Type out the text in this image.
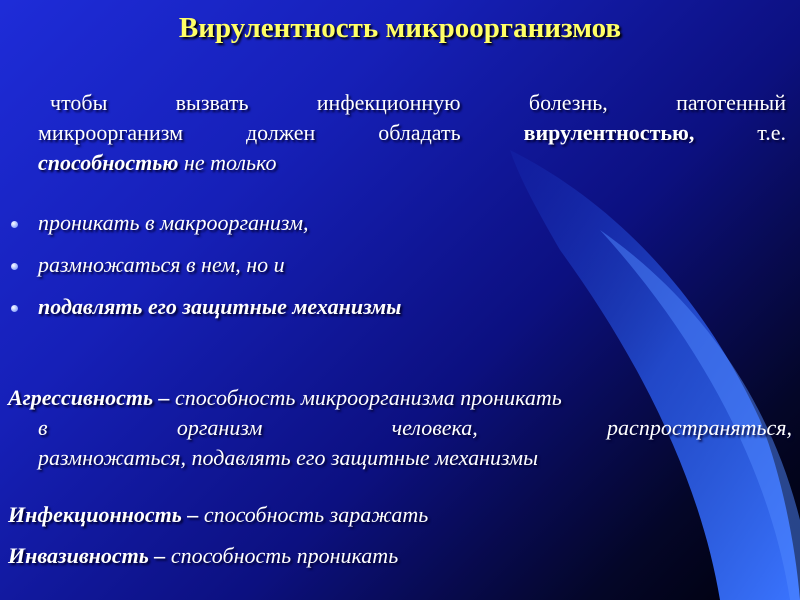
Вирулентность микроорганизмов
чтобы вызвать инфекционную болезнь, патогенный
микроорганизм должен обладать вирулентностью, т.е.
способностью не только
проникать в макроорганизм,
размножаться в нем, но и
подавлять его защитные механизмы
Агрессивность – способность микроорганизма проникать
в организм человека, распространяться,
размножаться, подавлять его защитные механизмы
Инфекционность – способность заражать
Инвазивность – способность проникать
